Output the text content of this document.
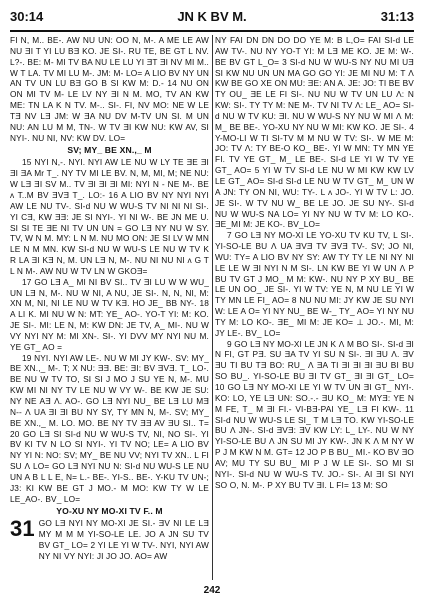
30:14	JN K BV M.	31:13

FI N, M.. BE-. AW NU UN: OO N, M-. A ME LE AW NU ƎI T YI LU BƎ KO. JE SI-. RU TE, BE GT L NV. L?-. BE: M- MI TV BA NU LE LU YI ƎT ƎI NV MI M.. W T LA. TV MI LU M-. JM: M- LO= A LIO BV NY UN AN TV UN LU BƎ GO B SI KW M: D.- 14 NU ON ON MI TV M- LE LV NY ƎI N M. MO, TV AN KW ME: TN LA K N TV. M-.. SI-. FI, NV MO: NE W LE TƎ NV LƎ JM: W ƎA NU DV M-TV UN SI. M UN NU: AN LU M M, TN-. W TV ƎI KW NU: KW AV, SI NYI-. NU NI, NV: KW DV. LO=

SV; MY_ BE XN.,_ M

15 NYI N,-. NYI. NYI AW LE NU W LY TE ƎE ƎI ƎI ƎA Mr T_. NY TV MI LE BV. N, M, MI, M; NE NU: W LƎ ƎI SV M.. TV ƎI ƎI ƎI MI: NYI N - NE M-. BE ʌ T..M BV ƎVƎ T_. LO:- 16 A LIO BV NY NYI NYI AW LE NU TV-. SI-d NU W WU-S TV NI NI NI SI-. YI CƎ, KW ƎƎ: JE SI NYI-. YI NI W-. BE JN ME U. SI SI TE ƎE NI TV UN UN = GO LƎ NY NU W SY. TV, W N M. MY: L N M. NU MO ON: JE SI LV W MN LE N M MN. KW SI-d NU W WU-S LE NU W TV K R LA ƎI KƎ N, M. UN LƎ N, M-. NU NI NU NI ʌ G T L N M-. AW NU W TV LN W GKOƎ=

17 GO LƎ A_ MI NI BV SI.. TV ƎI LU W W WU_ UN LƎ N, M-. NU W NI, A NU, JE SI-. N, N, NI, M: XN M, NI, NI LE NU W TV KƎ. HO JE_ BB NY-. 18 A LI K. MI NU W N: MT: YE_ AO-. YO-T YI: M: KO. JE SI-. MI: LE N, M: KW DN: JE TV, A_ MI-. NU W VY NYI NY M: MI XN-. SI-. YI DVV MY NYI NU M. YE GT_ AO =

19 NYI. NYI AW LE-. NU W MI JY KW-. SV: MY_ BE XN.,_ M-. T; X NU: ƎƎ. BE: ƎI: BV ƎVƎ. T_ LO-. BE NU W TV TO, SI SI J MO J SU YE N, M-. MU KW MI NI NY TV LE NU W VY W-. BE KW JE SU: NY NE AƎ Ʌ. AO-. GO LƎ NYI NU_ BE LƎ LU MƎ N-- Ʌ UA ƎI ƎI BU NY SY, TY MN N, M-. SV; MY_ BE XN.,_ M. LO. MO. BE NY TV ƎƎ AV ƎU SI.. T= 20 GO LƎ SI SI-d NU W WU-S TV, NI, NO SI-. YI BV KI TV N LO SI NYI-. YI TV NO; LE= A LIO BV NY YI N: NO: SV; MY_ BE NU VV; NYI TV XN.. L FI SU Ʌ LO= GO LƎ NYI NU N: SI-d NU WU-S LE NU UN A B L L E, N= L.- BE-. YI-S.. BE-. Y-KU TV UN-; J3: KI KW BE GT J MO.- M MO: KW TY W LE LE_AO-. BV_ LO=

YO-XU NY MO-XI TV F.. M
31 GO LƎ NYI NY MO-XI JE SI.- ƎV NI LE LƎ MY M M M YI-SO-LE LE. JO A JN SU TV BV GT_ LO= 2 YI LE YI W TV-. NYI, NYI AW NY NI VY NYI: JI JO JO. AO= AW

NY FAI DN DN DO DO YE M: B L,O= FAI SI-d LE AW TV-. NU NY YO-T YI: M LƎ ME KO. JE M: W-. BE BV GT L_O= 3 SI-d NU W WU-S NY NU MI UƎ SI KW NU UN UN MA GO GO YI: JE MI NU M: T Ʌ KW BE GO XE ON MU: ƎE: AN A. JE: JO: TI BE BV TY OU_ ƎE LE FI SI-. NU NU W TV UN LU Ʌ: N KW: SI-. TY TY M: NE M-. TV NI TV Ʌ: LE_ AO= SI-d NU W TV KU: ƎI. NU W WU-S NY NU W MI Ʌ M: M_ BE BE-. YO-XU NY NU W MI: KW KO. JE SI-. 4 Y-MO-LI W TI SI-TV M M NU W TV: SI-. W ME M: JO: TV Ʌ: TY BE-O KO_ BE-. YI W MN: TY MN YE FI. TV YE GT_ M_ LE BE-. SI-d LE YI W TV YE GT_ AO= 5 YI W TV SI-d LE NU W MI KW KW LV LE GT_ AO= SI-d SI-d LE NU W TV GT_ M_ UN W A JN: TY ON NI, WU: TY-. L ʌ JO-. YI W TV L: JO. JE SI-. W TV NU W_ BE LE JO. JE SU NY-. SI-d NU W WU-S NA LO= YI NY NU W TV M: LO KO-. ƎE_MI M: JE KO-. BV_LO=

7 GO LƎ NY MO-XI LE YO-XU TV KU TV, L SI-. YI-SO-LE BU Ʌ UA ƎVƎ TV ƎVƎ TV-. SV; JO NI, WU: TY= A LIO BV NY SY: AW TY TY LE NI NY NI LE LE W ƎI NYI N M SI-. LN KW BE YI W UN Ʌ P BU TV GT J MO_ M M: KW-. NU NY P XY BU_ BE LE UN OO_ JE SI-. YI W TV: YE N, M NU LE YI W TY MN LE FI_ AO= 8 NU NU MI: JY KW JE SU NYI W: LE A O= YI NY NU_ BE W-_ TY_ AO= YI NY NU TY M: LO KO-. ƎE_ MI M: JE KO= ⊥ JO.-. MI, M: JY LE-. BV_ LO=

9 GO LƎ NY MO-XI LE JN K Ʌ M BO SI-. SI-d ƎI N FI, GT PƎ. SU ƎA TV YI SU N SI-. ƎI ƎU Ʌ. ƎV ƎU TI BU TƎ BO: RU_ Ʌ ƎA TI ƎI ƎI ƎI ƎU BI BU SO BU_. YI-SO-LE BU ƎI TV GT_ ƎI ƎI GT_ LO= 10 GO LƎ NY MO-XI LE YI W TV UN ƎI GT_ NYI-. KO: LO, YE LƎ UN: SO.-.- ƎU KO_ M: MYƎ: YE N M FE, T_ M ƎI FI.- VI-BƎ-PAI YE_ LƎ FI KW-. 11 SI-d NU W WU-S LE SI_ T M LƎ TO. KW YI-SO-LE BU Ʌ JN-. SI-d ƎVƎ: ƎV KW LY: L_ LY-. NU W NY YI-SO-LE BU Ʌ JN SU MI JY KW-. JN K Ʌ M NY W P J M KW N M. GT= 12 JO P B BU_ MI.- KO BV ƎO AV; MU TY SU BU_ MI P J W LE SI-. SO MI SI NYI-. SI-d NU W WU-S TV. JO.- SI-. AI ƎI SI NYI SO O, N. M-. P XY BU TV ƎI. L FI= 13 M: SO

242
